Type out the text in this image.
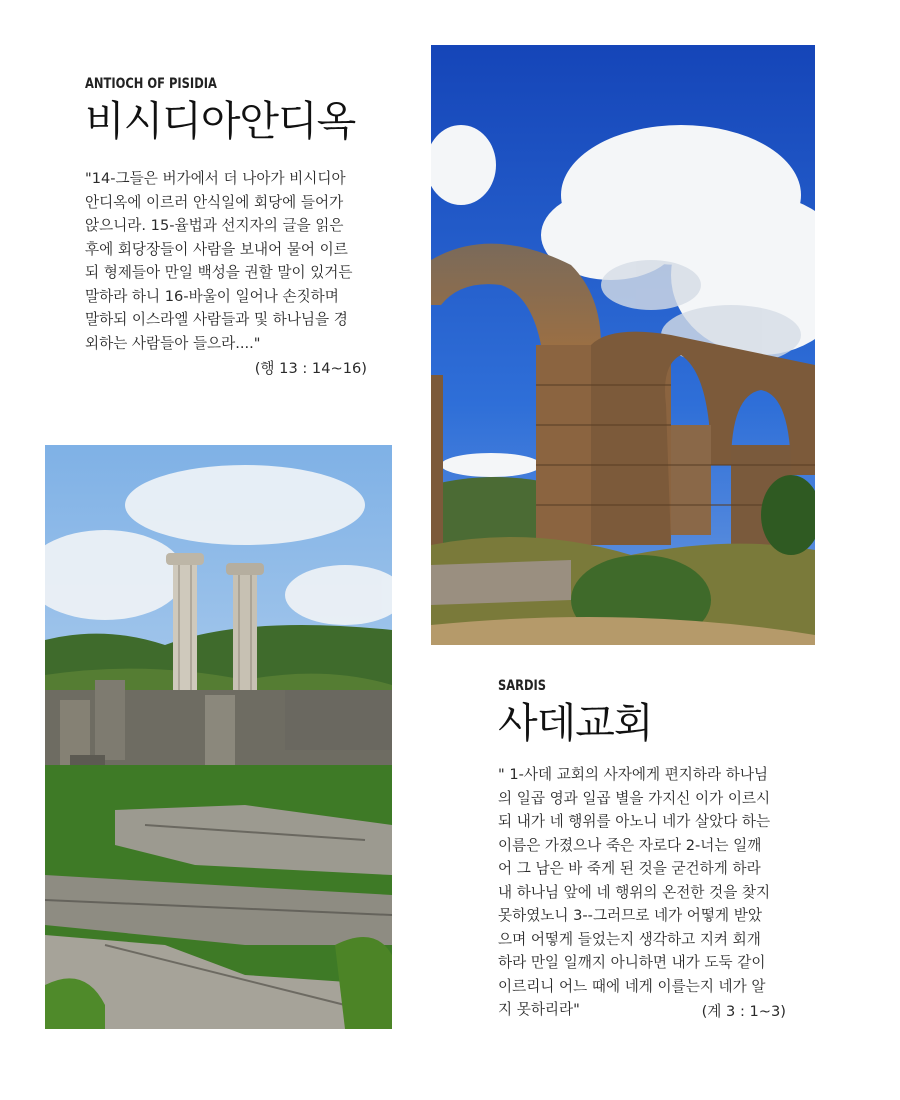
ANTIOCH OF PISIDIA

비시디아안디옥

"14-그들은 버가에서 더 나아가 비시디아
안디옥에 이르러 안식일에 회당에 들어가
앉으니라. 15-율법과 선지자의 글을 읽은
후에 회당장들이 사람을 보내어 물어 이르
되 형제들아 만일 백성을 권할 말이 있거든
말하라 하니 16-바울이 일어나 손짓하며
말하되 이스라엘 사람들과 및 하나님을 경
외하는 사람들아 들으라...."

(행 13 : 14~16)

SARDIS

사데교회

" 1-사데 교회의 사자에게 편지하라 하나님
의 일곱 영과 일곱 별을 가지신 이가 이르시
되 내가 네 행위를 아노니 네가 살았다 하는
이름은 가졌으나 죽은 자로다 2-너는 일깨
어 그 남은 바 죽게 된 것을 굳건하게 하라
내 하나님 앞에 네 행위의 온전한 것을 찾지
못하였노니 3--그러므로 네가 어떻게 받았
으며 어떻게 들었는지 생각하고 지켜 회개
하라 만일 일깨지 아니하면 내가 도둑 같이
이르리니 어느 때에 네게 이를는지 네가 알
지 못하리라"	(계 3 : 1~3)
